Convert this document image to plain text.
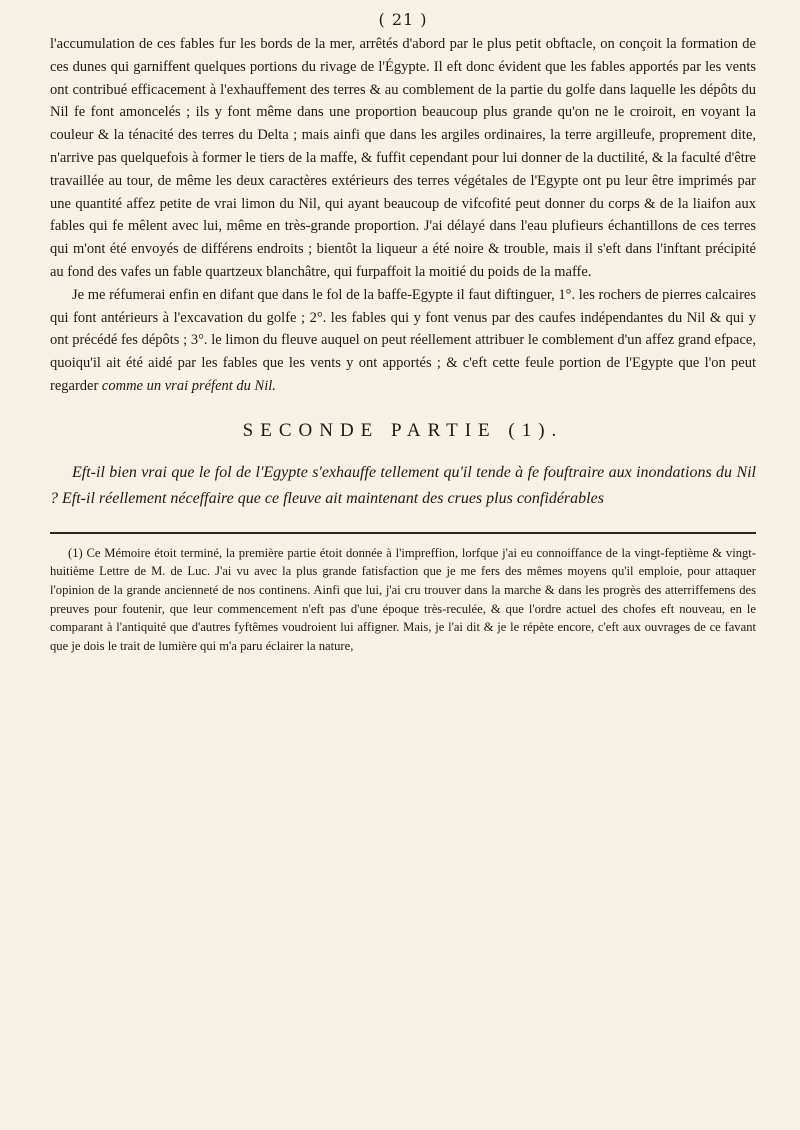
( 21 )

l'accumulation de ces fables fur les bords de la mer, arrêtés d'abord par le plus petit obftacle, on conçoit la formation de ces dunes qui garniffent quelques portions du rivage de l'Égypte. Il eft donc évident que les fables apportés par les vents ont contribué efficacement à l'exhauffement des terres & au comblement de la partie du golfe dans laquelle les dépôts du Nil fe font amoncelés ; ils y font même dans une proportion beaucoup plus grande qu'on ne le croiroit, en voyant la couleur & la ténacité des terres du Delta ; mais ainfi que dans les argiles ordinaires, la terre argilleufe, proprement dite, n'arrive pas quelquefois à former le tiers de la maffe, & fuffit cependant pour lui donner de la ductilité, & la faculté d'être travaillée au tour, de même les deux caractères extérieurs des terres végétales de l'Egypte ont pu leur être imprimés par une quantité affez petite de vrai limon du Nil, qui ayant beaucoup de vifcofité peut donner du corps & de la liaifon aux fables qui fe mêlent avec lui, même en très-grande proportion. J'ai délayé dans l'eau plufieurs échantillons de ces terres qui m'ont été envoyés de différens endroits ; bientôt la liqueur a été noire & trouble, mais il s'eft dans l'inftant précipité au fond des vafes un fable quartzeux blanchâtre, qui furpaffoit la moitié du poids de la maffe.

Je me réfumerai enfin en difant que dans le fol de la baffe-Egypte il faut diftinguer, 1°. les rochers de pierres calcaires qui font antérieurs à l'excavation du golfe ; 2°. les fables qui y font venus par des caufes indépendantes du Nil & qui y ont précédé fes dépôts ; 3°. le limon du fleuve auquel on peut réellement attribuer le comblement d'un affez grand efpace, quoiqu'il ait été aidé par les fables que les vents y ont apportés ; & c'eft cette feule portion de l'Egypte que l'on peut regarder comme un vrai préfent du Nil.

SECONDE PARTIE (1).

Eft-il bien vrai que le fol de l'Egypte s'exhauffe tellement qu'il tende à fe fouftraire aux inondations du Nil ? Eft-il réellement néceffaire que ce fleuve ait maintenant des crues plus confidérables

(1) Ce Mémoire étoit terminé, la première partie étoit donnée à l'impreffion, lorfque j'ai eu connoiffance de la vingt-feptième & vingt-huitième Lettre de M. de Luc. J'ai vu avec la plus grande fatisfaction que je me fers des mêmes moyens qu'il emploie, pour attaquer l'opinion de la grande ancienneté de nos continens. Ainfi que lui, j'ai cru trouver dans la marche & dans les progrès des atterriffemens des preuves pour foutenir, que leur commencement n'eft pas d'une époque très-reculée, & que l'ordre actuel des chofes eft nouveau, en le comparant à l'antiquité que d'autres fyftêmes voudroient lui affigner. Mais, je l'ai dit & je le répète encore, c'eft aux ouvrages de ce favant que je dois le trait de lumière qui m'a paru éclairer la nature,
